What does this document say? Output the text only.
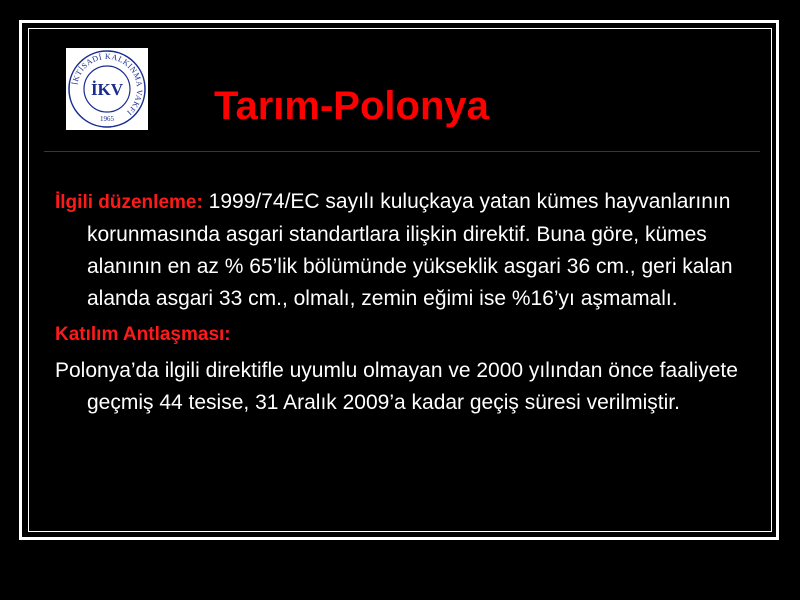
İKTİSADİ KALKINMA VAKFI
İKV
1965	Tarım-Polonya

İlgili düzenleme: 1999/74/EC sayılı kuluçkaya yatan kümes hayvanlarının korunmasında asgari standartlara ilişkin direktif. Buna göre, kümes alanının en az % 65’lik bölümünde yükseklik asgari 36 cm., geri kalan alanda asgari 33 cm., olmalı, zemin eğimi ise %16’yı aşmamalı.

Katılım Antlaşması:

Polonya’da ilgili direktifle uyumlu olmayan ve 2000 yılından önce faaliyete geçmiş 44 tesise, 31 Aralık 2009’a kadar geçiş süresi verilmiştir.
